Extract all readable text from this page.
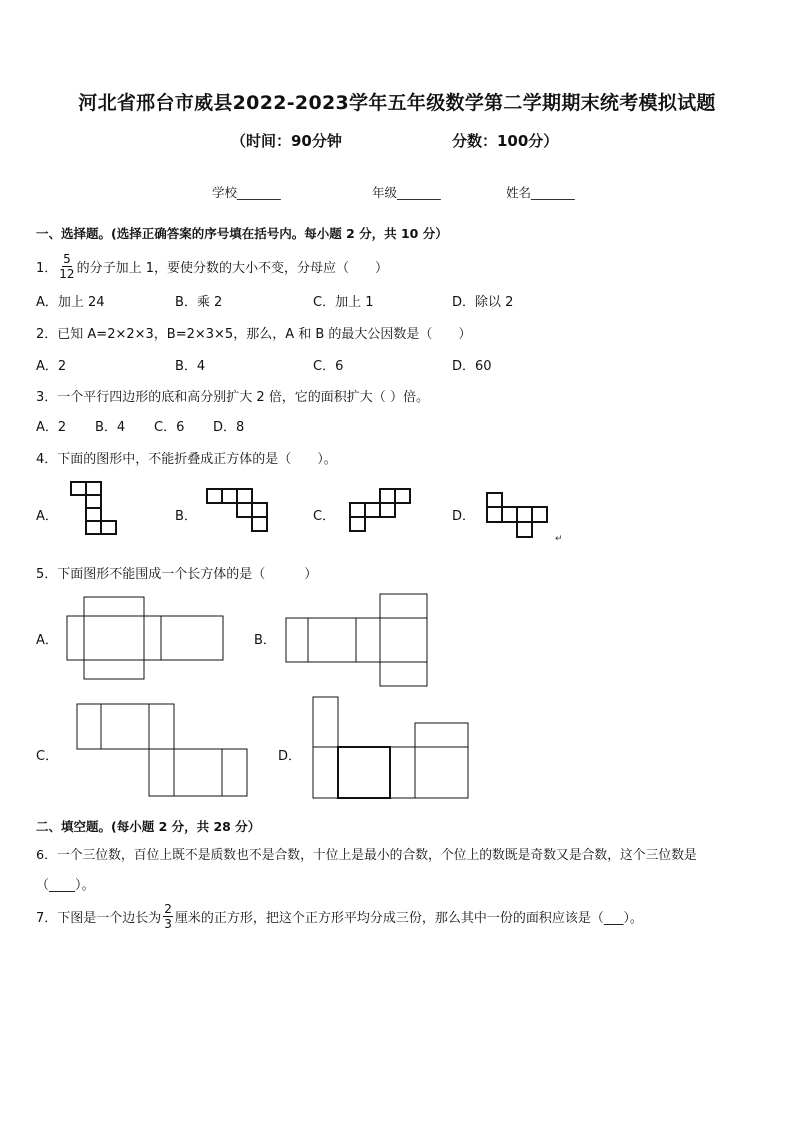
河北省邢台市威县2022-2023学年五年级数学第二学期期末统考模拟试题
（时间：90分钟	分数：100分）
学校_______	年级_______	姓名_______
一、选择题。(选择正确答案的序号填在括号内。每小题 2 分，共 10 分）
1． $\frac{5}{12}$ 的分子加上 1，要使分数的大小不变，分母应（　　）
A．加上 24	B．乘 2	C．加上 1	D．除以 2
2．已知 A=2×2×3，B=2×3×5，那么，A 和 B 的最大公因数是（　　）
A．2	B．4	C．6	D．60
3．一个平行四边形的底和高分别扩大 2 倍，它的面积扩大（ ）倍。
A．2 B．4 C．6 D．8
4．下面的图形中，不能折叠成正方体的是（　　）。
A．	B．	C．	D．
↵
5．下面图形不能围成一个长方体的是（　　　）
A．	B．
C．	D．
二、填空题。(每小题 2 分，共 28 分）
6．一个三位数，百位上既不是质数也不是合数，十位上是最小的合数，个位上的数既是奇数又是合数，这个三位数是
（____）。
7．下图是一个边长为 $\frac{2}{3}$ 厘米的正方形，把这个正方形平均分成三份，那么其中一份的面积应该是（___）。
